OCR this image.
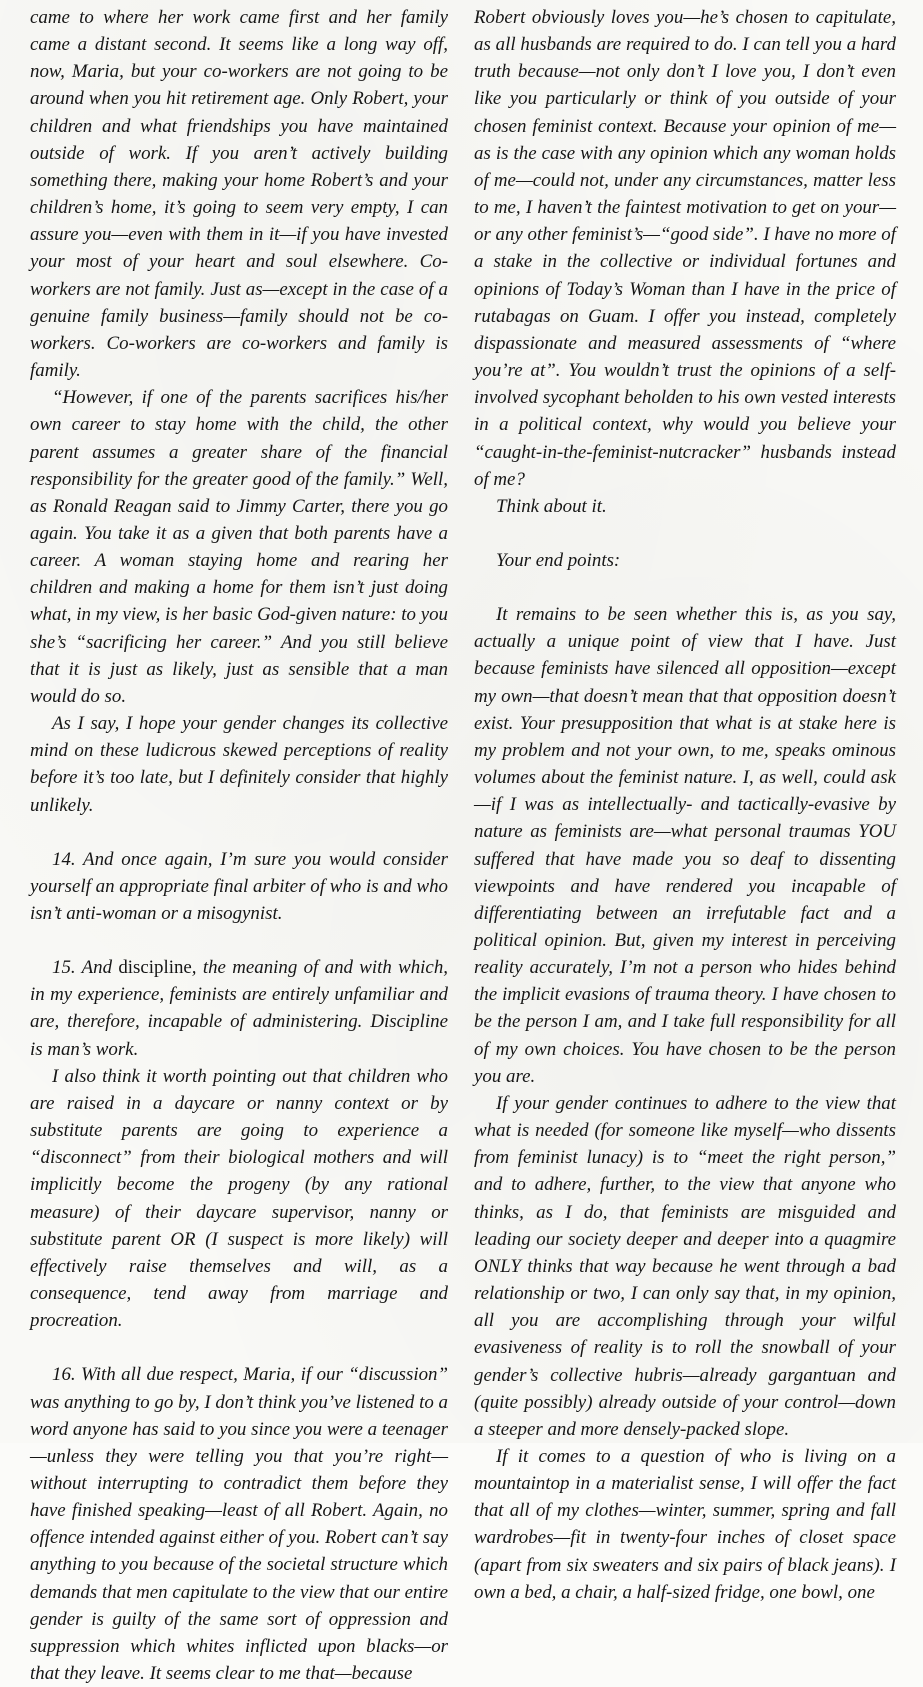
came to where her work came first and her family came a distant second. It seems like a long way off, now, Maria, but your co-workers are not going to be around when you hit retirement age. Only Robert, your children and what friendships you have maintained outside of work. If you aren’t actively building something there, making your home Robert’s and your children’s home, it’s going to seem very empty, I can assure you—even with them in it—if you have invested your most of your heart and soul elsewhere. Co-workers are not family. Just as—except in the case of a genuine family business—family should not be co-workers. Co-workers are co-workers and family is family.

“However, if one of the parents sacrifices his/her own career to stay home with the child, the other parent assumes a greater share of the financial responsibility for the greater good of the family.” Well, as Ronald Reagan said to Jimmy Carter, there you go again. You take it as a given that both parents have a career. A woman staying home and rearing her children and making a home for them isn’t just doing what, in my view, is her basic God-given nature: to you she’s “sacrificing her career.” And you still believe that it is just as likely, just as sensible that a man would do so.

As I say, I hope your gender changes its collective mind on these ludicrous skewed perceptions of reality before it’s too late, but I definitely consider that highly unlikely.

14. And once again, I’m sure you would consider yourself an appropriate final arbiter of who is and who isn’t anti-woman or a misogynist.

15. And discipline, the meaning of and with which, in my experience, feminists are entirely unfamiliar and are, therefore, incapable of administering. Discipline is man’s work.

I also think it worth pointing out that children who are raised in a daycare or nanny context or by substitute parents are going to experience a “disconnect” from their biological mothers and will implicitly become the progeny (by any rational measure) of their daycare supervisor, nanny or substitute parent OR (I suspect is more likely) will effectively raise themselves and will, as a consequence, tend away from marriage and procreation.

16. With all due respect, Maria, if our “discussion” was anything to go by, I don’t think you’ve listened to a word anyone has said to you since you were a teenager—unless they were telling you that you’re right—without interrupting to contradict them before they have finished speaking—least of all Robert. Again, no offence intended against either of you. Robert can’t say anything to you because of the societal structure which demands that men capitulate to the view that our entire gender is guilty of the same sort of oppression and suppression which whites inflicted upon blacks—or that they leave. It seems clear to me that—because

Robert obviously loves you—he’s chosen to capitulate, as all husbands are required to do. I can tell you a hard truth because—not only don’t I love you, I don’t even like you particularly or think of you outside of your chosen feminist context. Because your opinion of me—as is the case with any opinion which any woman holds of me—could not, under any circumstances, matter less to me, I haven’t the faintest motivation to get on your—or any other feminist’s—“good side”. I have no more of a stake in the collective or individual fortunes and opinions of Today’s Woman than I have in the price of rutabagas on Guam. I offer you instead, completely dispassionate and measured assessments of “where you’re at”. You wouldn’t trust the opinions of a self-involved sycophant beholden to his own vested interests in a political context, why would you believe your “caught-in-the-feminist-nutcracker” husbands instead of me?

Think about it.

Your end points:

It remains to be seen whether this is, as you say, actually a unique point of view that I have. Just because feminists have silenced all opposition—except my own—that doesn’t mean that that opposition doesn’t exist. Your presupposition that what is at stake here is my problem and not your own, to me, speaks ominous volumes about the feminist nature. I, as well, could ask—if I was as intellectually- and tactically-evasive by nature as feminists are—what personal traumas YOU suffered that have made you so deaf to dissenting viewpoints and have rendered you incapable of differentiating between an irrefutable fact and a political opinion. But, given my interest in perceiving reality accurately, I’m not a person who hides behind the implicit evasions of trauma theory. I have chosen to be the person I am, and I take full responsibility for all of my own choices. You have chosen to be the person you are.

If your gender continues to adhere to the view that what is needed (for someone like myself—who dissents from feminist lunacy) is to “meet the right person,” and to adhere, further, to the view that anyone who thinks, as I do, that feminists are misguided and leading our society deeper and deeper into a quagmire ONLY thinks that way because he went through a bad relationship or two, I can only say that, in my opinion, all you are accomplishing through your wilful evasiveness of reality is to roll the snowball of your gender’s collective hubris—already gargantuan and (quite possibly) already outside of your control—down a steeper and more densely-packed slope.

If it comes to a question of who is living on a mountaintop in a materialist sense, I will offer the fact that all of my clothes—winter, summer, spring and fall wardrobes—fit in twenty-four inches of closet space (apart from six sweaters and six pairs of black jeans). I own a bed, a chair, a half-sized fridge, one bowl, one
